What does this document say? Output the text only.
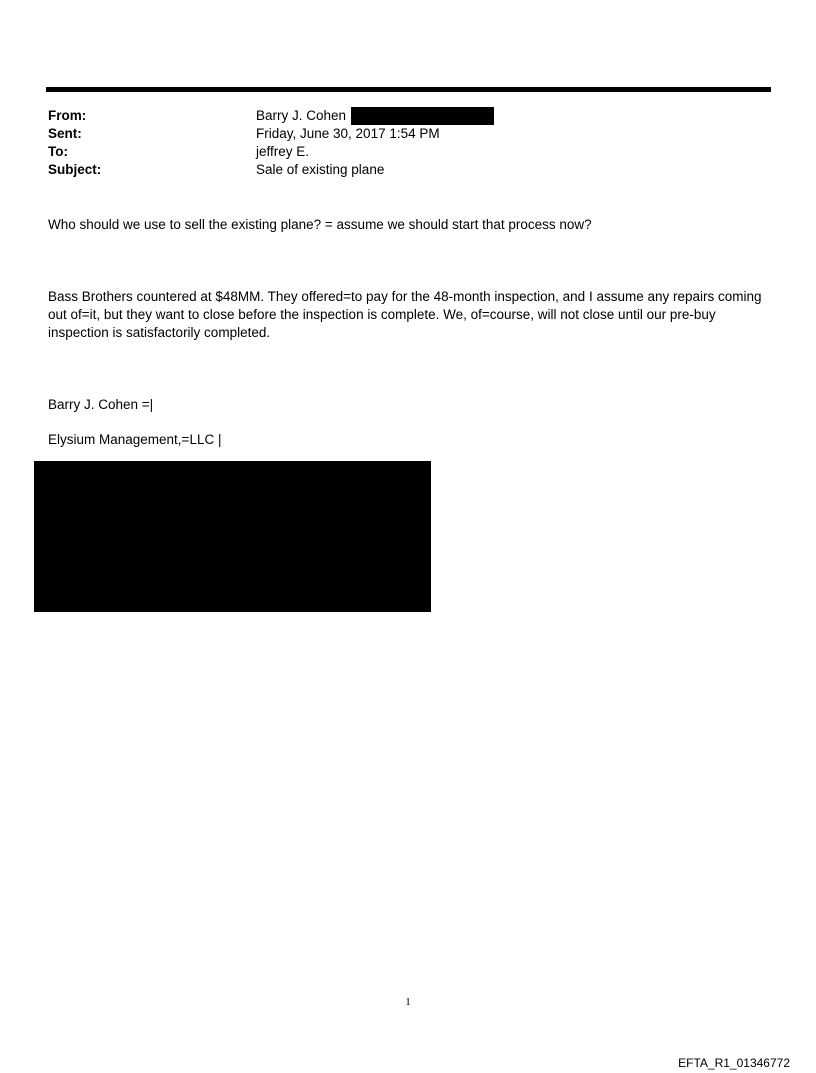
From:	Barry J. Cohen
Sent:	Friday, June 30, 2017 1:54 PM
To:	jeffrey E.
Subject:	Sale of existing plane
Who should we use to sell the existing plane? = assume we should start that process now?
Bass Brothers countered at $48MM. They offered=to pay for the 48-month inspection, and I assume any repairs coming out of=it, but they want to close before the inspection is complete. We, of=course, will not close until our pre-buy inspection is satisfactorily completed.
Barry J. Cohen =|
Elysium Management,=LLC |
1
EFTA_R1_01346772
